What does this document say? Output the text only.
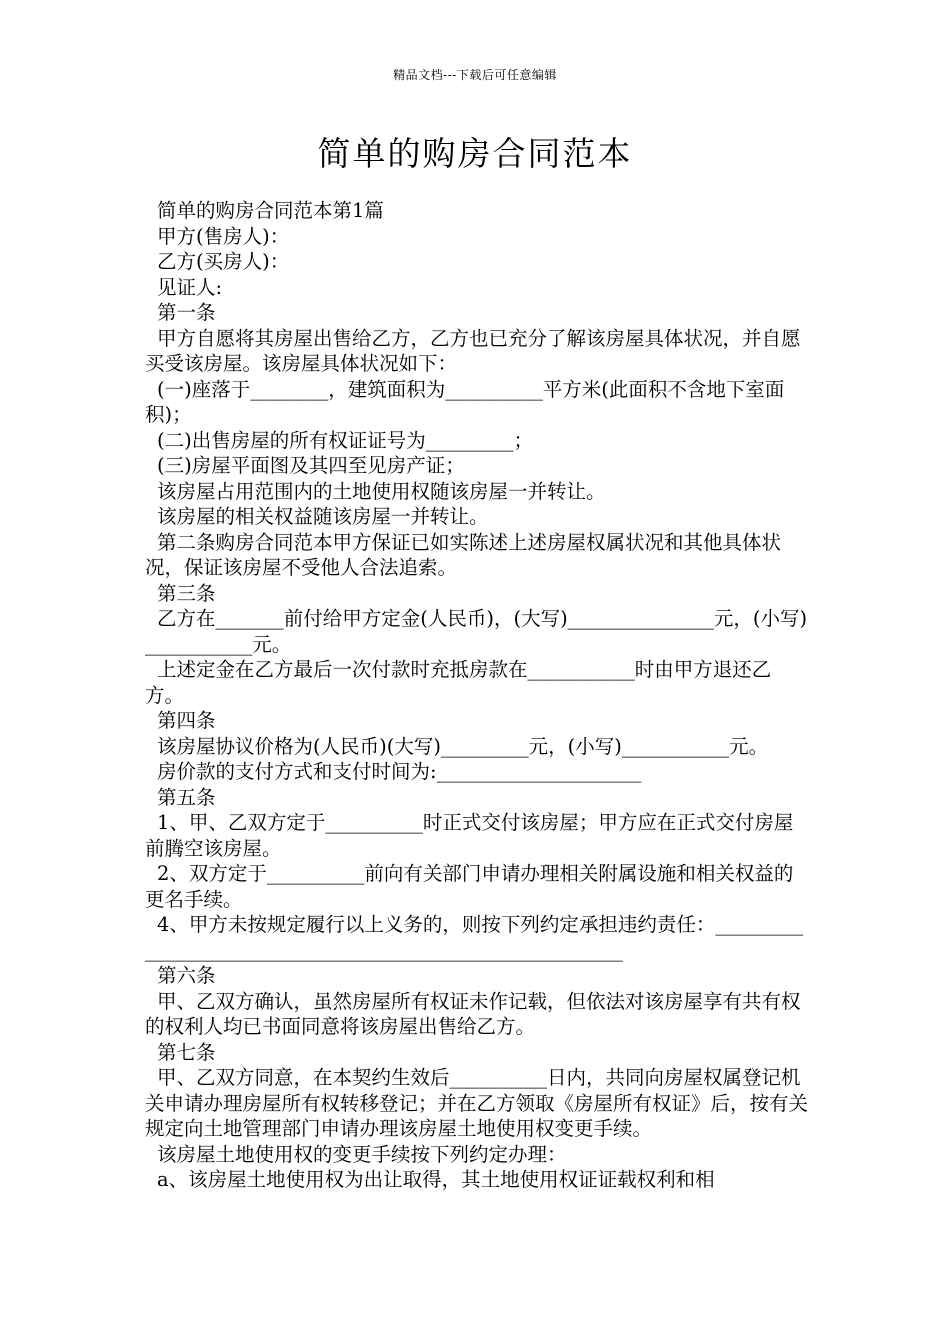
精品文档---下载后可任意编辑
简单的购房合同范本

简单的购房合同范本第1篇

甲方(售房人)：

乙方(买房人)：

见证人:

第一条

甲方自愿将其房屋出售给乙方，乙方也已充分了解该房屋具体状况，并自愿买受该房屋。该房屋具体状况如下：

(一)座落于________，建筑面积为__________平方米(此面积不含地下室面积)；

(二)出售房屋的所有权证证号为_________；

(三)房屋平面图及其四至见房产证；

该房屋占用范围内的土地使用权随该房屋一并转让。

该房屋的相关权益随该房屋一并转让。

第二条购房合同范本甲方保证已如实陈述上述房屋权属状况和其他具体状况，保证该房屋不受他人合法追索。

第三条

乙方在_______前付给甲方定金(人民币)，(大写)_______________元，(小写)___________元。

上述定金在乙方最后一次付款时充抵房款在___________时由甲方退还乙方。

第四条

该房屋协议价格为(人民币)(大写)_________元，(小写)___________元。

房价款的支付方式和支付时间为:_____________________

第五条

1、甲、乙双方定于__________时正式交付该房屋；甲方应在正式交付房屋前腾空该房屋。

2、双方定于__________前向有关部门申请办理相关附属设施和相关权益的更名手续。

4、甲方未按规定履行以上义务的，则按下列约定承担违约责任：__________________________________________________________

第六条

甲、乙双方确认，虽然房屋所有权证未作记载，但依法对该房屋享有共有权的权利人均已书面同意将该房屋出售给乙方。

第七条

甲、乙双方同意，在本契约生效后__________日内，共同向房屋权属登记机关申请办理房屋所有权转移登记；并在乙方领取《房屋所有权证》后，按有关规定向土地管理部门申请办理该房屋土地使用权变更手续。

该房屋土地使用权的变更手续按下列约定办理：

a、该房屋土地使用权为出让取得，其土地使用权证证载权利和相
